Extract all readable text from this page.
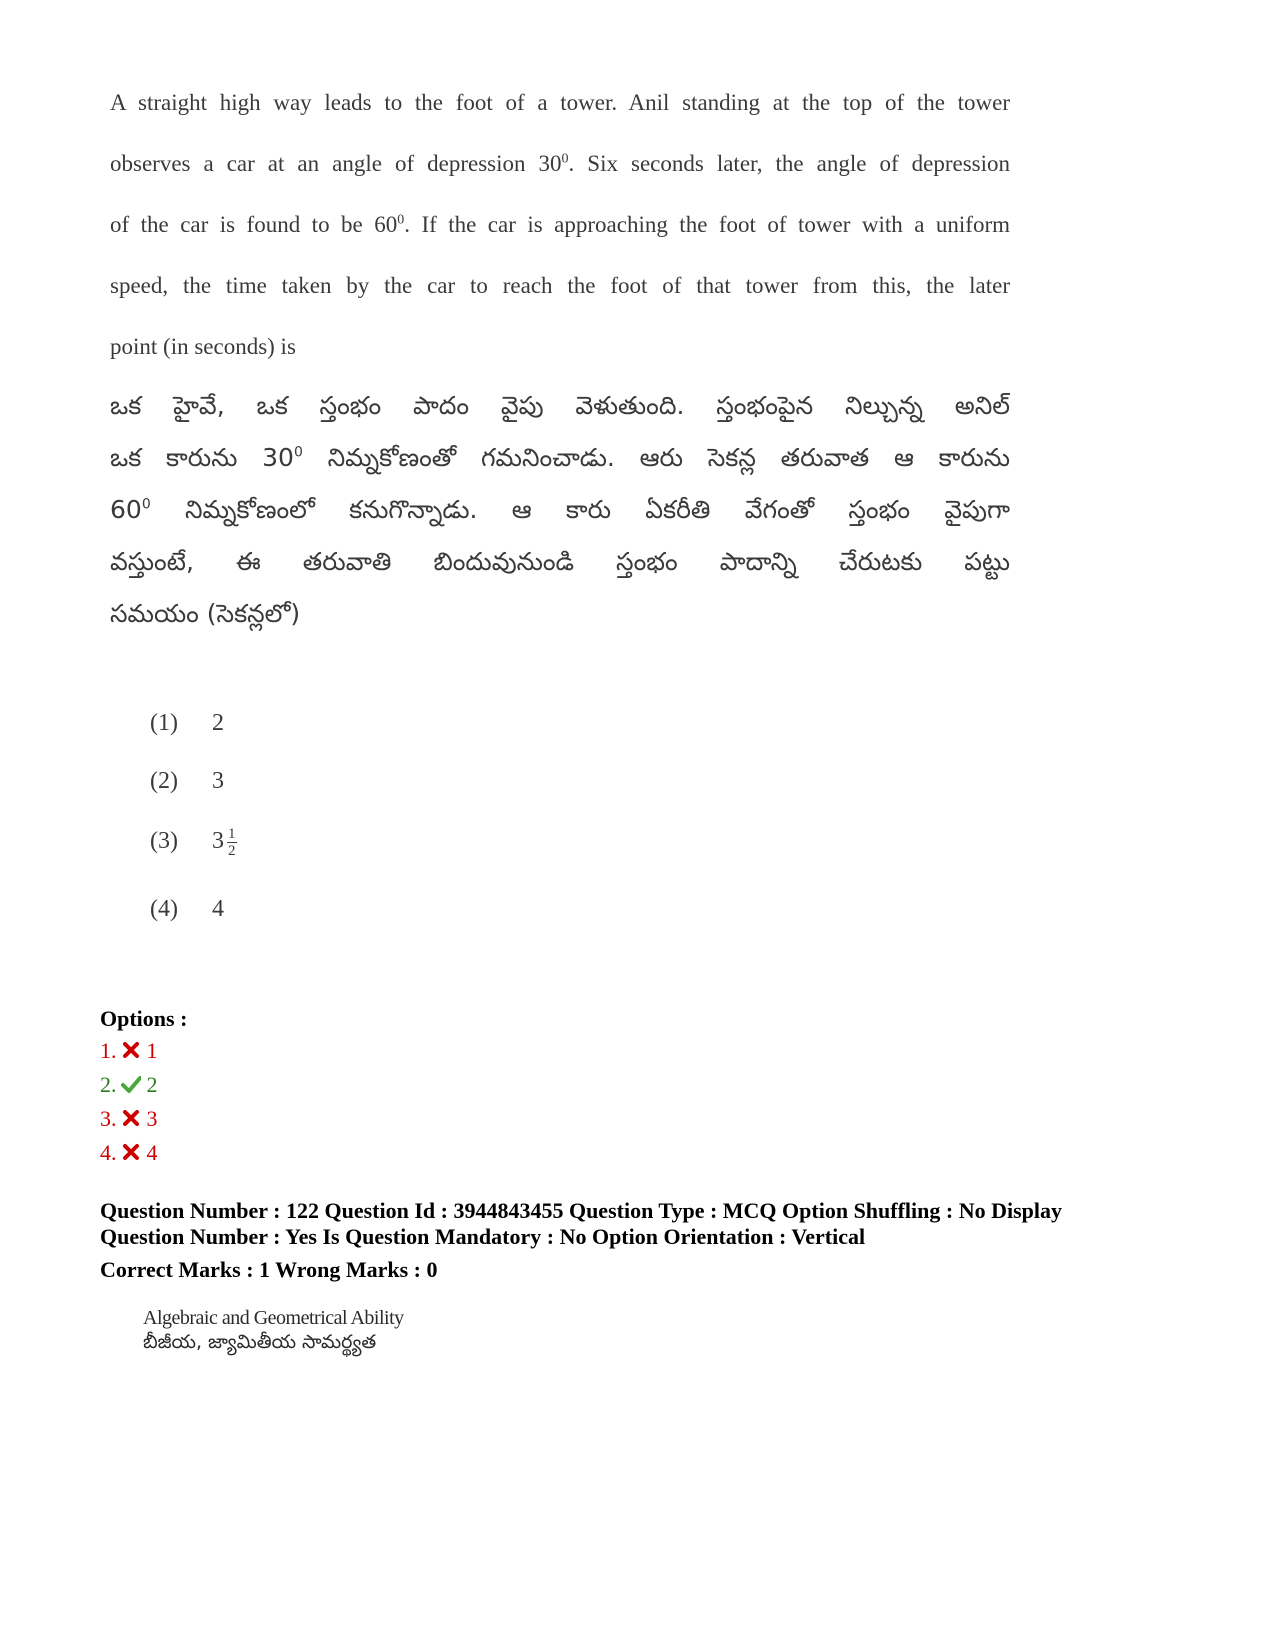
A straight high way leads to the foot of a tower. Anil standing at the top of the tower
observes a car at an angle of depression $30^0$. Six seconds later, the angle of depression
of the car is found to be $60^0$. If the car is approaching the foot of tower with a uniform
speed, the time taken by the car to reach the foot of that tower from this, the later
point (in seconds) is
ఒక హైవే, ఒక స్తంభం పాదం వైపు వెళుతుంది. స్తంభంపైన నిల్చున్న అనిల్
ఒక కారును $30^0$ నిమ్నకోణంతో గమనించాడు. ఆరు సెకన్ల తరువాత ఆ కారును
$60^0$ నిమ్నకోణంలో కనుగొన్నాడు. ఆ కారు ఏకరీతి వేగంతో స్తంభం వైపుగా
వస్తుంటే, ఈ తరువాతి బిందువునుండి స్తంభం పాదాన్ని చేరుటకు పట్టు
సమయం (సెకన్లలో)
(1) 2
(2) 3
(3) $3 \frac{1}{2}$
(4) 4
Options :
1. 1
2. 2
3. 3
4. 4
Question Number : 122 Question Id : 3944843455 Question Type : MCQ Option Shuffling : No Display
Question Number : Yes Is Question Mandatory : No Option Orientation : Vertical
Correct Marks : 1 Wrong Marks : 0
Algebraic and Geometrical Ability
బీజీయ, జ్యామితీయ సామర్థ్యత
